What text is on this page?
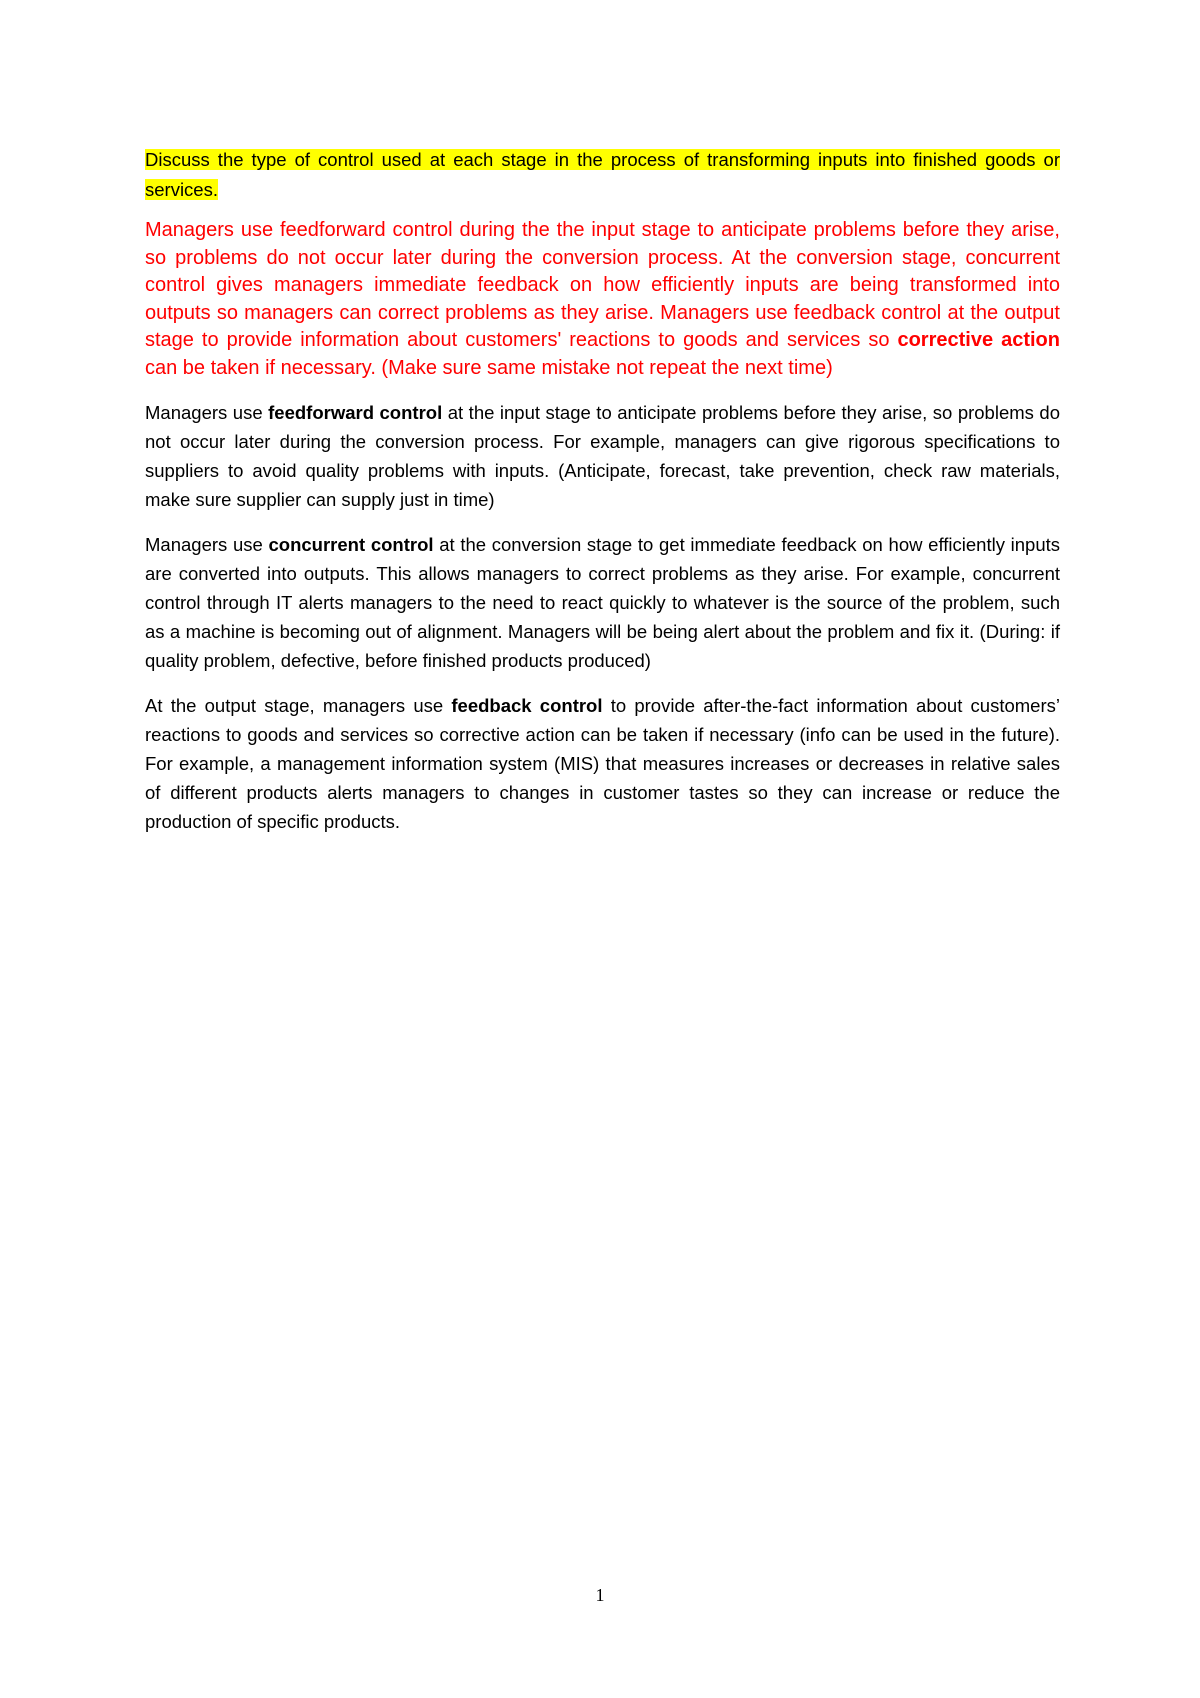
Discuss the type of control used at each stage in the process of transforming inputs into finished goods or services.

Managers use feedforward control during the the input stage to anticipate problems before they arise, so problems do not occur later during the conversion process. At the conversion stage, concurrent control gives managers immediate feedback on how efficiently inputs are being transformed into outputs so managers can correct problems as they arise. Managers use feedback control at the output stage to provide information about customers' reactions to goods and services so corrective action can be taken if necessary. (Make sure same mistake not repeat the next time)

Managers use feedforward control at the input stage to anticipate problems before they arise, so problems do not occur later during the conversion process. For example, managers can give rigorous specifications to suppliers to avoid quality problems with inputs. (Anticipate, forecast, take prevention, check raw materials, make sure supplier can supply just in time)

Managers use concurrent control at the conversion stage to get immediate feedback on how efficiently inputs are converted into outputs. This allows managers to correct problems as they arise. For example, concurrent control through IT alerts managers to the need to react quickly to whatever is the source of the problem, such as a machine is becoming out of alignment. Managers will be being alert about the problem and fix it. (During: if quality problem, defective, before finished products produced)

At the output stage, managers use feedback control to provide after-the-fact information about customers’ reactions to goods and services so corrective action can be taken if necessary (info can be used in the future). For example, a management information system (MIS) that measures increases or decreases in relative sales of different products alerts managers to changes in customer tastes so they can increase or reduce the production of specific products.

1
